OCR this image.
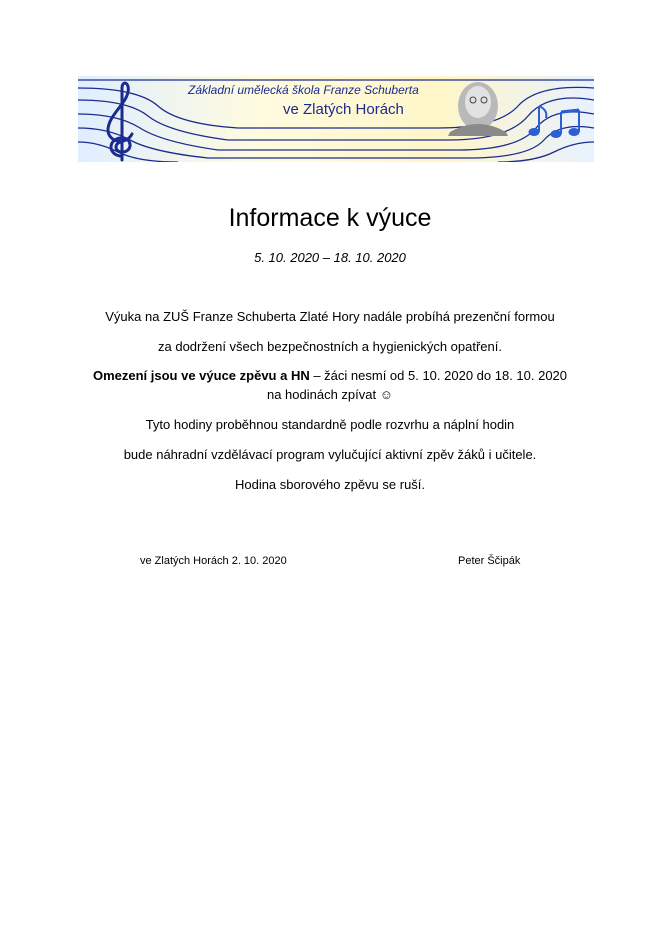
Základní umělecká škola Franze Schuberta
ve Zlatých Horách
Informace k výuce
5. 10. 2020 – 18. 10. 2020
Výuka na ZUŠ Franze Schuberta Zlaté Hory nadále probíhá prezenční formou
za dodržení všech bezpečnostních a hygienických opatření.
Omezení jsou ve výuce zpěvu a HN – žáci nesmí od 5. 10. 2020 do 18. 10. 2020
na hodinách zpívat ☺
Tyto hodiny proběhnou standardně podle rozvrhu a náplní hodin
bude náhradní vzdělávací program vylučující aktivní zpěv žáků i učitele.
Hodina sborového zpěvu se ruší.
ve Zlatých Horách 2. 10. 2020	Peter Ščipák
